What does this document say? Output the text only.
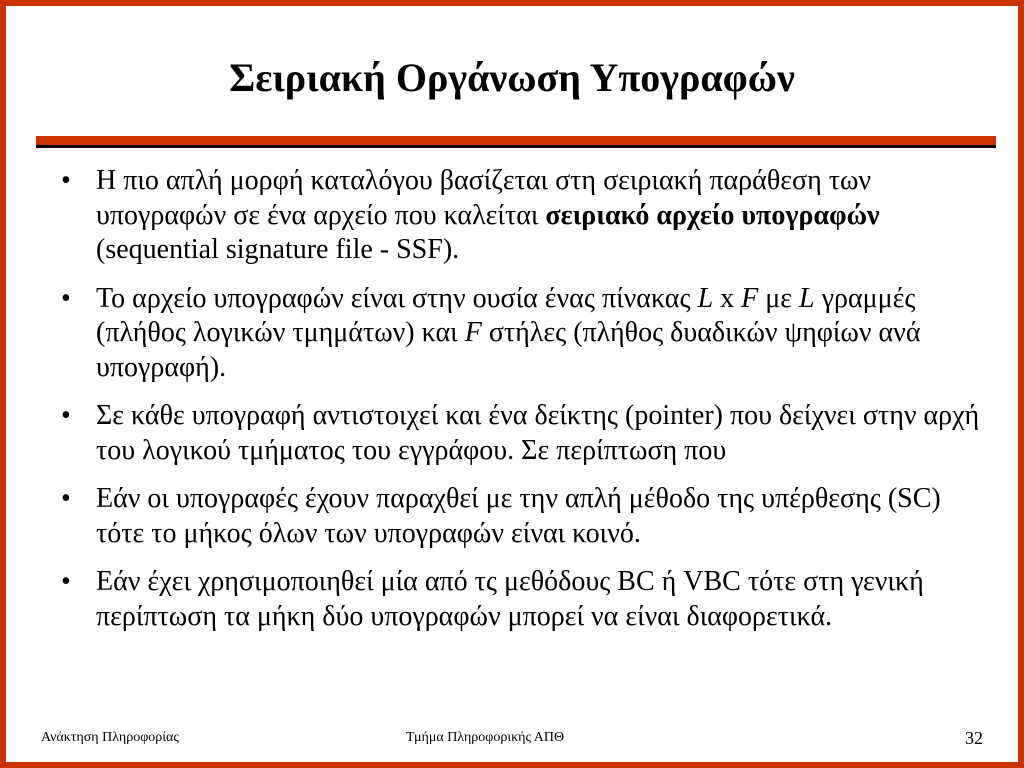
Σειριακή Οργάνωση Υπογραφών
• Η πιο απλή μορφή καταλόγου βασίζεται στη σειριακή παράθεση των υπογραφών σε ένα αρχείο που καλείται σειριακό αρχείο υπογραφών (sequential signature file - SSF).
• Το αρχείο υπογραφών είναι στην ουσία ένας πίνακας L x F με L γραμμές (πλήθος λογικών τμημάτων) και F στήλες (πλήθος δυαδικών ψηφίων ανά υπογραφή).
• Σε κάθε υπογραφή αντιστοιχεί και ένα δείκτης (pointer) που δείχνει στην αρχή του λογικού τμήματος του εγγράφου. Σε περίπτωση που
• Εάν οι υπογραφές έχουν παραχθεί με την απλή μέθοδο της υπέρθεσης (SC) τότε το μήκος όλων των υπογραφών είναι κοινό.
• Εάν έχει χρησιμοποιηθεί μία από τς μεθόδους BC ή VBC τότε στη γενική περίπτωση τα μήκη δύο υπογραφών μπορεί να είναι διαφορετικά.
Ανάκτηση Πληροφορίας	Τμήμα Πληροφορικής ΑΠΘ	32
